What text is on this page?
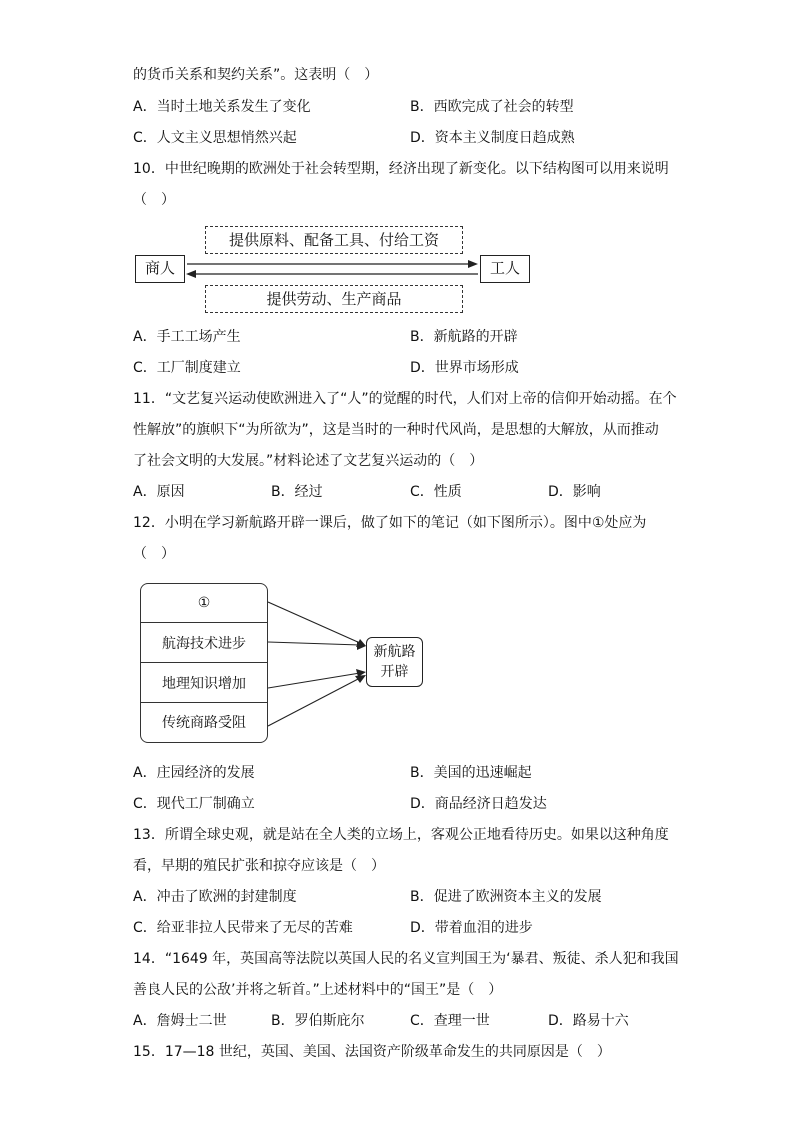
的货币关系和契约关系”。这表明（　）
A．当时土地关系发生了变化	B．西欧完成了社会的转型
C．人文主义思想悄然兴起	D．资本主义制度日趋成熟
10．中世纪晚期的欧洲处于社会转型期，经济出现了新变化。以下结构图可以用来说明
（　）
提供原料、配备工具、付给工资
商人	工人
提供劳动、生产商品
A．手工工场产生	B．新航路的开辟
C．工厂制度建立	D．世界市场形成
11．“文艺复兴运动使欧洲进入了“人”的觉醒的时代，人们对上帝的信仰开始动摇。在个
性解放”的旗帜下“为所欲为”，这是当时的一种时代风尚，是思想的大解放，从而推动
了社会文明的大发展。”材料论述了文艺复兴运动的（　）
A．原因	B．经过	C．性质	D．影响
12．小明在学习新航路开辟一课后，做了如下的笔记（如下图所示）。图中①处应为
（　）
①
航海技术进步
地理知识增加
传统商路受阻
新航路
开辟
A．庄园经济的发展	B．美国的迅速崛起
C．现代工厂制确立	D．商品经济日趋发达
13．所谓全球史观，就是站在全人类的立场上，客观公正地看待历史。如果以这种角度
看，早期的殖民扩张和掠夺应该是（　）
A．冲击了欧洲的封建制度	B．促进了欧洲资本主义的发展
C．给亚非拉人民带来了无尽的苦难	D．带着血泪的进步
14．“1649 年，英国高等法院以英国人民的名义宣判国王为‘暴君、叛徒、杀人犯和我国
善良人民的公敌’并将之斩首。”上述材料中的“国王”是（　）
A．詹姆士二世	B．罗伯斯庇尔	C．查理一世	D．路易十六
15．17—18 世纪，英国、美国、法国资产阶级革命发生的共同原因是（　）
